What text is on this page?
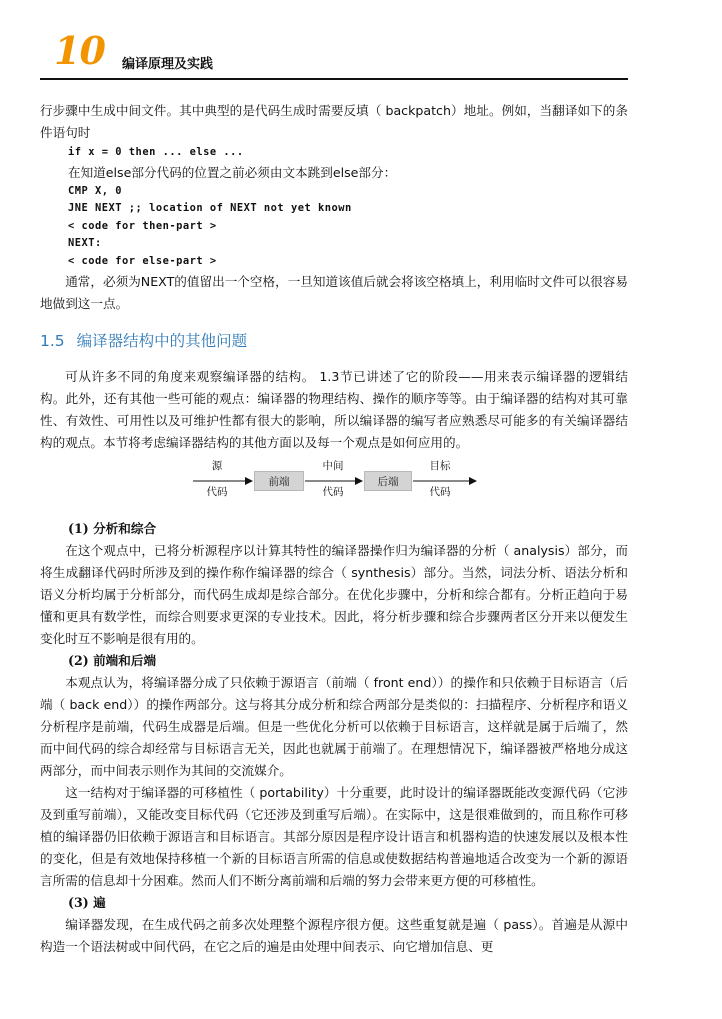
10 编译原理及实践

行步骤中生成中间文件。其中典型的是代码生成时需要反填（ backpatch）地址。例如，当翻译如下的条件语句时

if x = 0 then ... else ...
在知道else部分代码的位置之前必须由文本跳到else部分：
CMP X, 0
JNE NEXT ;; location of NEXT not yet known
< code for then-part >
NEXT:
< code for else-part >

通常，必须为NEXT的值留出一个空格，一旦知道该值后就会将该空格填上，利用临时文件可以很容易地做到这一点。

1.5 编译器结构中的其他问题

可从许多不同的角度来观察编译器的结构。 1.3节已讲述了它的阶段——用来表示编译器的逻辑结构。此外，还有其他一些可能的观点：编译器的物理结构、操作的顺序等等。由于编译器的结构对其可靠性、有效性、可用性以及可维护性都有很大的影响，所以编译器的编写者应熟悉尽可能多的有关编译器结构的观点。本节将考虑编译器结构的其他方面以及每一个观点是如何应用的。

源
代码
前端
中间
代码
后端
目标
代码
(1) 分析和综合

在这个观点中，已将分析源程序以计算其特性的编译器操作归为编译器的分析（ analysis）部分，而将生成翻译代码时所涉及到的操作称作编译器的综合（ synthesis）部分。当然，词法分析、语法分析和语义分析均属于分析部分，而代码生成却是综合部分。在优化步骤中，分析和综合都有。分析正趋向于易懂和更具有数学性，而综合则要求更深的专业技术。因此，将分析步骤和综合步骤两者区分开来以便发生变化时互不影响是很有用的。

(2) 前端和后端

本观点认为，将编译器分成了只依赖于源语言（前端（ front end））的操作和只依赖于目标语言（后端（ back end））的操作两部分。这与将其分成分析和综合两部分是类似的：扫描程序、分析程序和语义分析程序是前端，代码生成器是后端。但是一些优化分析可以依赖于目标语言，这样就是属于后端了，然而中间代码的综合却经常与目标语言无关，因此也就属于前端了。在理想情况下，编译器被严格地分成这两部分，而中间表示则作为其间的交流媒介。

这一结构对于编译器的可移植性（ portability）十分重要，此时设计的编译器既能改变源代码（它涉及到重写前端），又能改变目标代码（它还涉及到重写后端）。在实际中，这是很难做到的，而且称作可移植的编译器仍旧依赖于源语言和目标语言。其部分原因是程序设计语言和机器构造的快速发展以及根本性的变化，但是有效地保持移植一个新的目标语言所需的信息或使数据结构普遍地适合改变为一个新的源语言所需的信息却十分困难。然而人们不断分离前端和后端的努力会带来更方便的可移植性。

(3) 遍

编译器发现，在生成代码之前多次处理整个源程序很方便。这些重复就是遍（ pass）。首遍是从源中构造一个语法树或中间代码，在它之后的遍是由处理中间表示、向它增加信息、更
